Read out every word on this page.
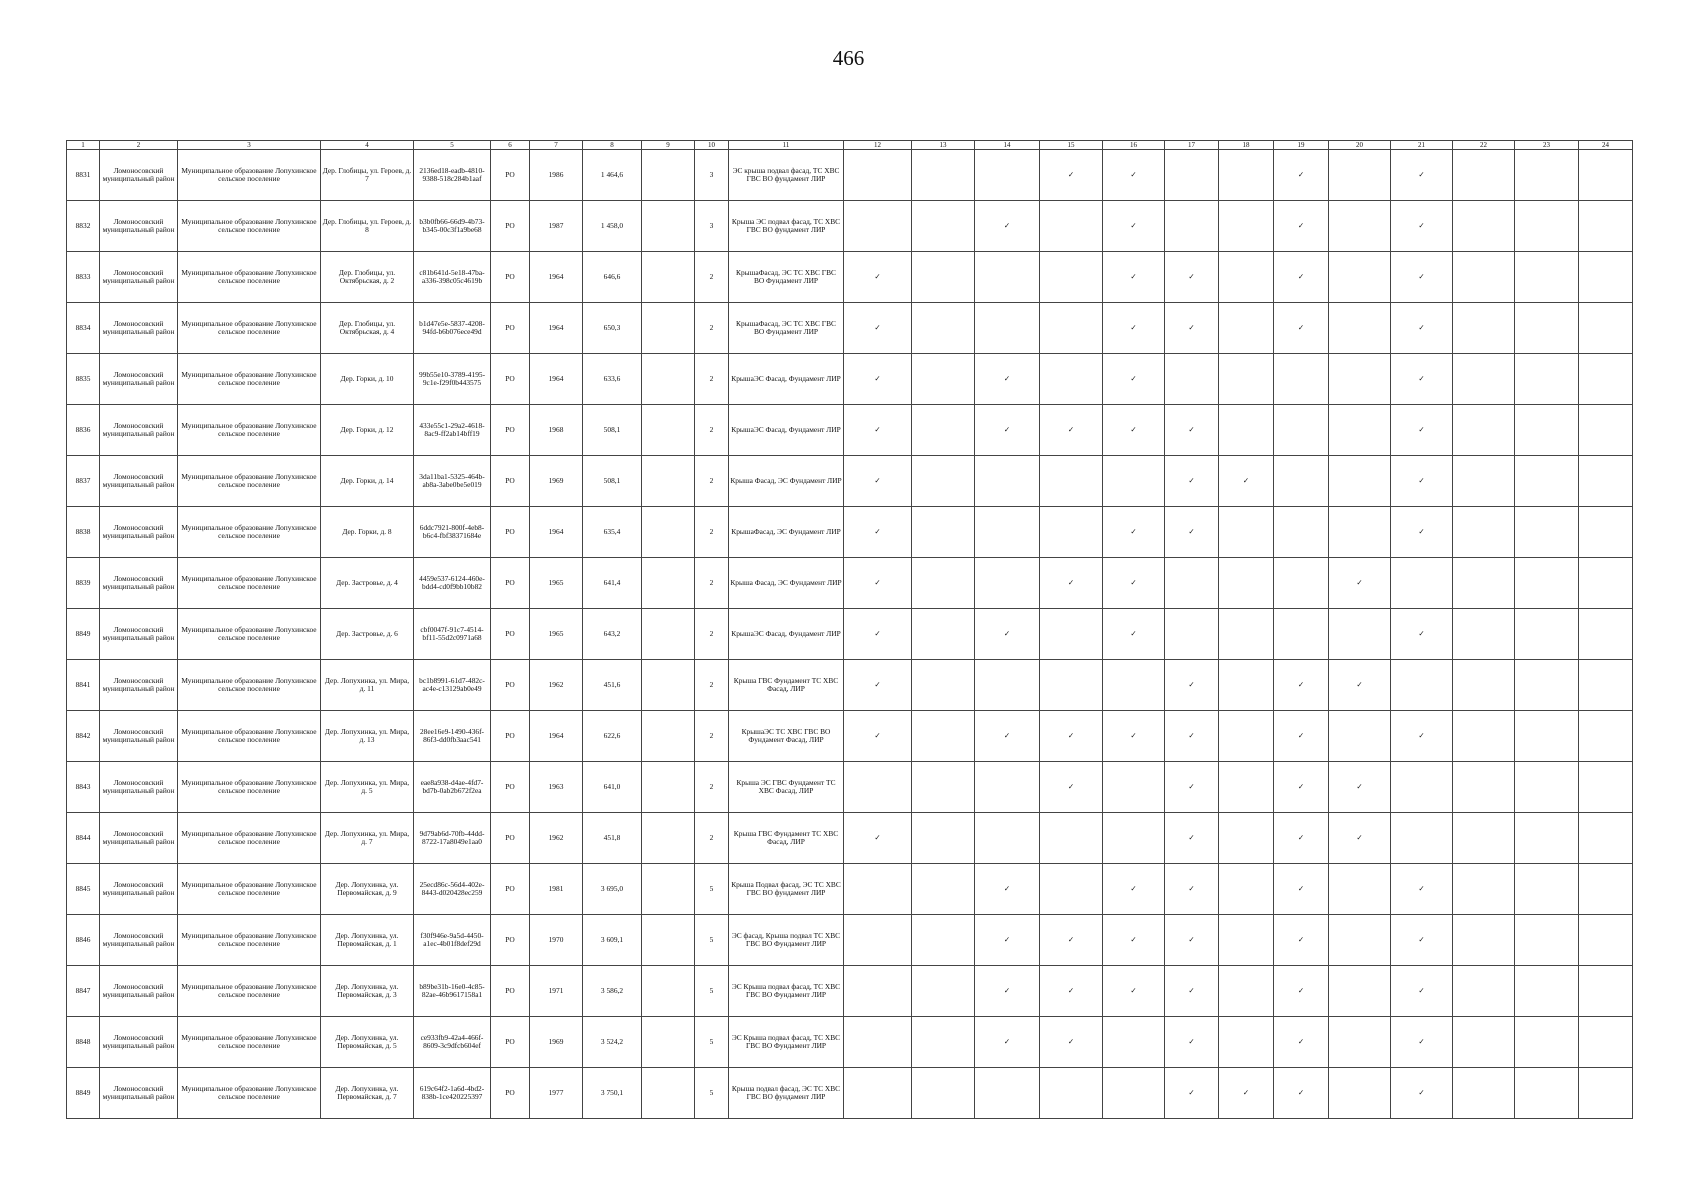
466
1	2	3	4	5	6	7	8	9	10	11	12	13	14	15	16	17	18	19	20	21	22	23	24
8831	Ломоносовский муниципальный район	Муниципальное образование Лопухинское сельское поселение	Дер. Глобицы, ул. Героев, д. 7	2136ed18-eadb-4810-9388-518c284b1aaf	РО	1986	1 464,6		3	ЭС крыша подвал фасад, ТС ХВС ГВС ВО фундамент ЛИР				✓	✓			✓		✓			
8832	Ломоносовский муниципальный район	Муниципальное образование Лопухинское сельское поселение	Дер. Глобицы, ул. Героев, д. 8	b3b0fb66-66d9-4b73-b345-00c3f1a9be68	РО	1987	1 458,0		3	Крыша ЭС подвал фасад, ТС ХВС ГВС ВО фундамент ЛИР			✓		✓			✓		✓			
8833	Ломоносовский муниципальный район	Муниципальное образование Лопухинское сельское поселение	Дер. Глобицы, ул. Октябрьская, д. 2	c81b641d-5e18-47ba-a336-398c05c4619b	РО	1964	646,6		2	КрышаФасад, ЭС ТС ХВС ГВС ВО Фундамент ЛИР	✓				✓	✓		✓		✓			
8834	Ломоносовский муниципальный район	Муниципальное образование Лопухинское сельское поселение	Дер. Глобицы, ул. Октябрьская, д. 4	b1d47e5e-5837-4208-94fd-b6b076ece49d	РО	1964	650,3		2	КрышаФасад, ЭС ТС ХВС ГВС ВО Фундамент ЛИР	✓				✓	✓		✓		✓			
8835	Ломоносовский муниципальный район	Муниципальное образование Лопухинское сельское поселение	Дер. Горки, д. 10	99b55e10-3789-4195-9c1e-f29f0b443575	РО	1964	633,6		2	КрышаЭС Фасад, Фундамент ЛИР	✓		✓		✓					✓			
8836	Ломоносовский муниципальный район	Муниципальное образование Лопухинское сельское поселение	Дер. Горки, д. 12	433e55c1-29a2-4618-8ac9-ff2ab14bff19	РО	1968	508,1		2	КрышаЭС Фасад, Фундамент ЛИР	✓		✓	✓	✓	✓				✓			
8837	Ломоносовский муниципальный район	Муниципальное образование Лопухинское сельское поселение	Дер. Горки, д. 14	3da11ba1-5325-464b-ab8a-3abe0be5e019	РО	1969	508,1		2	Крыша Фасад, ЭС Фундамент ЛИР	✓					✓	✓			✓			
8838	Ломоносовский муниципальный район	Муниципальное образование Лопухинское сельское поселение	Дер. Горки, д. 8	6ddc7921-800f-4eb8-b6c4-fbf38371684e	РО	1964	635,4		2	КрышаФасад, ЭС Фундамент ЛИР	✓				✓	✓				✓			
8839	Ломоносовский муниципальный район	Муниципальное образование Лопухинское сельское поселение	Дер. Застровье, д. 4	4459e537-6124-460e-bdd4-cd0f9bb10b82	РО	1965	641,4		2	Крыша Фасад, ЭС Фундамент ЛИР	✓			✓	✓				✓				
8849	Ломоносовский муниципальный район	Муниципальное образование Лопухинское сельское поселение	Дер. Застровье, д. 6	cbf0047f-91c7-4514-bf11-55d2c0971a68	РО	1965	643,2		2	КрышаЭС Фасад, Фундамент ЛИР	✓		✓		✓					✓			
8841	Ломоносовский муниципальный район	Муниципальное образование Лопухинское сельское поселение	Дер. Лопухинка, ул. Мира, д. 11	bc1b8991-61d7-482c-ac4e-c13129ab0e49	РО	1962	451,6		2	Крыша ГВС Фундамент ТС ХВС Фасад, ЛИР	✓					✓		✓	✓				
8842	Ломоносовский муниципальный район	Муниципальное образование Лопухинское сельское поселение	Дер. Лопухинка, ул. Мира, д. 13	28ee16e9-1490-436f-86f3-dd0fb3aac541	РО	1964	622,6		2	КрышаЭС ТС ХВС ГВС ВО Фундамент Фасад, ЛИР	✓		✓	✓	✓	✓		✓		✓			
8843	Ломоносовский муниципальный район	Муниципальное образование Лопухинское сельское поселение	Дер. Лопухинка, ул. Мира, д. 5	eae8a938-d4ae-4fd7-bd7b-0ab2b672f2ea	РО	1963	641,0		2	Крыша ЭС ГВС Фундамент ТС ХВС Фасад, ЛИР				✓		✓		✓	✓				
8844	Ломоносовский муниципальный район	Муниципальное образование Лопухинское сельское поселение	Дер. Лопухинка, ул. Мира, д. 7	9d79ab6d-70fb-44dd-8722-17a8049e1aa0	РО	1962	451,8		2	Крыша ГВС Фундамент ТС ХВС Фасад, ЛИР	✓					✓		✓	✓				
8845	Ломоносовский муниципальный район	Муниципальное образование Лопухинское сельское поселение	Дер. Лопухинка, ул. Первомайская, д. 9	25ecd86c-56d4-402e-8443-d020428ec259	РО	1981	3 695,0		5	Крыша Подвал фасад, ЭС ТС ХВС ГВС ВО фундамент ЛИР			✓		✓	✓		✓		✓			
8846	Ломоносовский муниципальный район	Муниципальное образование Лопухинское сельское поселение	Дер. Лопухинка, ул. Первомайская, д. 1	f30f946e-9a5d-4450-a1ec-4b01f8def29d	РО	1970	3 609,1		5	ЭС фасад, Крыша подвал ТС ХВС ГВС ВО Фундамент ЛИР			✓	✓	✓	✓		✓		✓			
8847	Ломоносовский муниципальный район	Муниципальное образование Лопухинское сельское поселение	Дер. Лопухинка, ул. Первомайская, д. 3	b89be31b-16e0-4c85-82ae-46b9617158a1	РО	1971	3 586,2		5	ЭС Крыша подвал фасад, ТС ХВС ГВС ВО Фундамент ЛИР			✓	✓	✓	✓		✓		✓			
8848	Ломоносовский муниципальный район	Муниципальное образование Лопухинское сельское поселение	Дер. Лопухинка, ул. Первомайская, д. 5	ce933fb9-42a4-466f-8609-3c9dfcb604ef	РО	1969	3 524,2		5	ЭС Крыша подвал фасад, ТС ХВС ГВС ВО Фундамент ЛИР			✓	✓		✓		✓		✓			
8849	Ломоносовский муниципальный район	Муниципальное образование Лопухинское сельское поселение	Дер. Лопухинка, ул. Первомайская, д. 7	619c64f2-1a6d-4bd2-838b-1ce420225397	РО	1977	3 750,1		5	Крыша подвал фасад, ЭС ТС ХВС ГВС ВО фундамент ЛИР						✓	✓	✓		✓			
